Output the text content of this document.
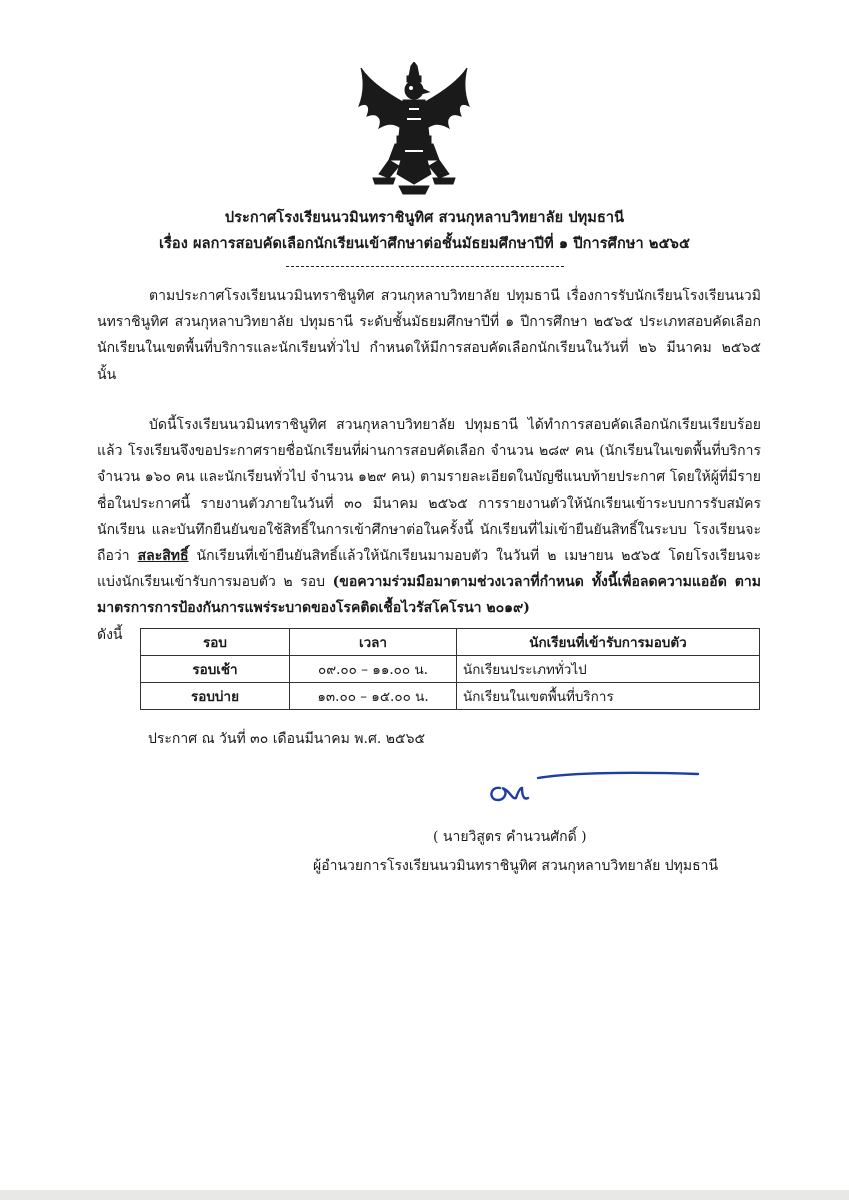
ประกาศโรงเรียนนวมินทราชินูทิศ สวนกุหลาบวิทยาลัย ปทุมธานี
เรื่อง ผลการสอบคัดเลือกนักเรียนเข้าศึกษาต่อชั้นมัธยมศึกษาปีที่ ๑ ปีการศึกษา ๒๕๖๕
ตามประกาศโรงเรียนนวมินทราชินูทิศ สวนกุหลาบวิทยาลัย ปทุมธานี เรื่องการรับนักเรียนโรงเรียนนวมินทราชินูทิศ สวนกุหลาบวิทยาลัย ปทุมธานี ระดับชั้นมัธยมศึกษาปีที่ ๑ ปีการศึกษา ๒๕๖๕ ประเภทสอบคัดเลือกนักเรียนในเขตพื้นที่บริการและนักเรียนทั่วไป กำหนดให้มีการสอบคัดเลือกนักเรียนในวันที่ ๒๖ มีนาคม ๒๕๖๕ นั้น
บัดนี้โรงเรียนนวมินทราชินูทิศ สวนกุหลาบวิทยาลัย ปทุมธานี ได้ทำการสอบคัดเลือกนักเรียนเรียบร้อยแล้ว โรงเรียนจึงขอประกาศรายชื่อนักเรียนที่ผ่านการสอบคัดเลือก จำนวน ๒๘๙ คน (นักเรียนในเขตพื้นที่บริการ จำนวน ๑๖๐ คน และนักเรียนทั่วไป จำนวน ๑๒๙ คน) ตามรายละเอียดในบัญชีแนบท้ายประกาศ โดยให้ผู้ที่มีรายชื่อในประกาศนี้ รายงานตัวภายในวันที่ ๓๐ มีนาคม ๒๕๖๕ การรายงานตัวให้นักเรียนเข้าระบบการรับสมัครนักเรียน และบันทึกยืนยันขอใช้สิทธิ์ในการเข้าศึกษาต่อในครั้งนี้ นักเรียนที่ไม่เข้ายืนยันสิทธิ์ในระบบ โรงเรียนจะถือว่า สละสิทธิ์ นักเรียนที่เข้ายืนยันสิทธิ์แล้วให้นักเรียนมามอบตัว ในวันที่ ๒ เมษายน ๒๕๖๕ โดยโรงเรียนจะแบ่งนักเรียนเข้ารับการมอบตัว ๒ รอบ (ขอความร่วมมือมาตามช่วงเวลาที่กำหนด ทั้งนี้เพื่อลดความแออัด ตามมาตรการการป้องกันการแพร่ระบาดของโรคติดเชื้อไวรัสโคโรนา ๒๐๑๙)
ดังนี้
รอบ	เวลา	นักเรียนที่เข้ารับการมอบตัว
รอบเช้า	๐๙.๐๐ – ๑๑.๐๐ น.	นักเรียนประเภททั่วไป
รอบบ่าย	๑๓.๐๐ – ๑๕.๐๐ น.	นักเรียนในเขตพื้นที่บริการ
ประกาศ ณ วันที่ ๓๐ เดือนมีนาคม พ.ศ. ๒๕๖๕
( นายวิสูตร คำนวนศักดิ์ )
ผู้อำนวยการโรงเรียนนวมินทราชินูทิศ สวนกุหลาบวิทยาลัย ปทุมธานี
